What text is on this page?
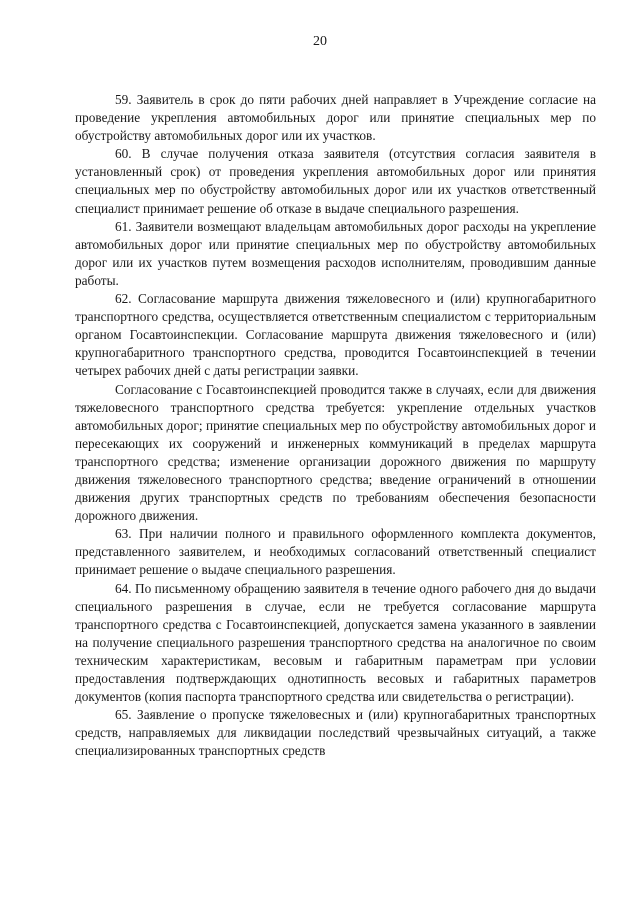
20

59. Заявитель в срок до пяти рабочих дней направляет в Учреждение согласие на проведение укрепления автомобильных дорог или принятие специальных мер по обустройству автомобильных дорог или их участков.

60. В случае получения отказа заявителя (отсутствия согласия заявителя в установленный срок) от проведения укрепления автомобильных дорог или принятия специальных мер по обустройству автомобильных дорог или их участков ответственный специалист принимает решение об отказе в выдаче специального разрешения.

61. Заявители возмещают владельцам автомобильных дорог расходы на укрепление автомобильных дорог или принятие специальных мер по обустройству автомобильных дорог или их участков путем возмещения расходов исполнителям, проводившим данные работы.

62. Согласование маршрута движения тяжеловесного и (или) крупногабаритного транспортного средства, осуществляется ответственным специалистом с территориальным органом Госавтоинспекции. Согласование маршрута движения тяжеловесного и (или) крупногабаритного транспортного средства, проводится Госавтоинспекцией в течении четырех рабочих дней с даты регистрации заявки.

Согласование с Госавтоинспекцией проводится также в случаях, если для движения тяжеловесного транспортного средства требуется: укрепление отдельных участков автомобильных дорог; принятие специальных мер по обустройству автомобильных дорог и пересекающих их сооружений и инженерных коммуникаций в пределах маршрута транспортного средства; изменение организации дорожного движения по маршруту движения тяжеловесного транспортного средства; введение ограничений в отношении движения других транспортных средств по требованиям обеспечения безопасности дорожного движения.

63. При наличии полного и правильного оформленного комплекта документов, представленного заявителем, и необходимых согласований ответственный специалист принимает решение о выдаче специального разрешения.

64. По письменному обращению заявителя в течение одного рабочего дня до выдачи специального разрешения в случае, если не требуется согласование маршрута транспортного средства с Госавтоинспекцией, допускается замена указанного в заявлении на получение специального разрешения транспортного средства на аналогичное по своим техническим характеристикам, весовым и габаритным параметрам при условии предоставления подтверждающих однотипность весовых и габаритных параметров документов (копия паспорта транспортного средства или свидетельства о регистрации).

65. Заявление о пропуске тяжеловесных и (или) крупногабаритных транспортных средств, направляемых для ликвидации последствий чрезвычайных ситуаций, а также специализированных транспортных средств
